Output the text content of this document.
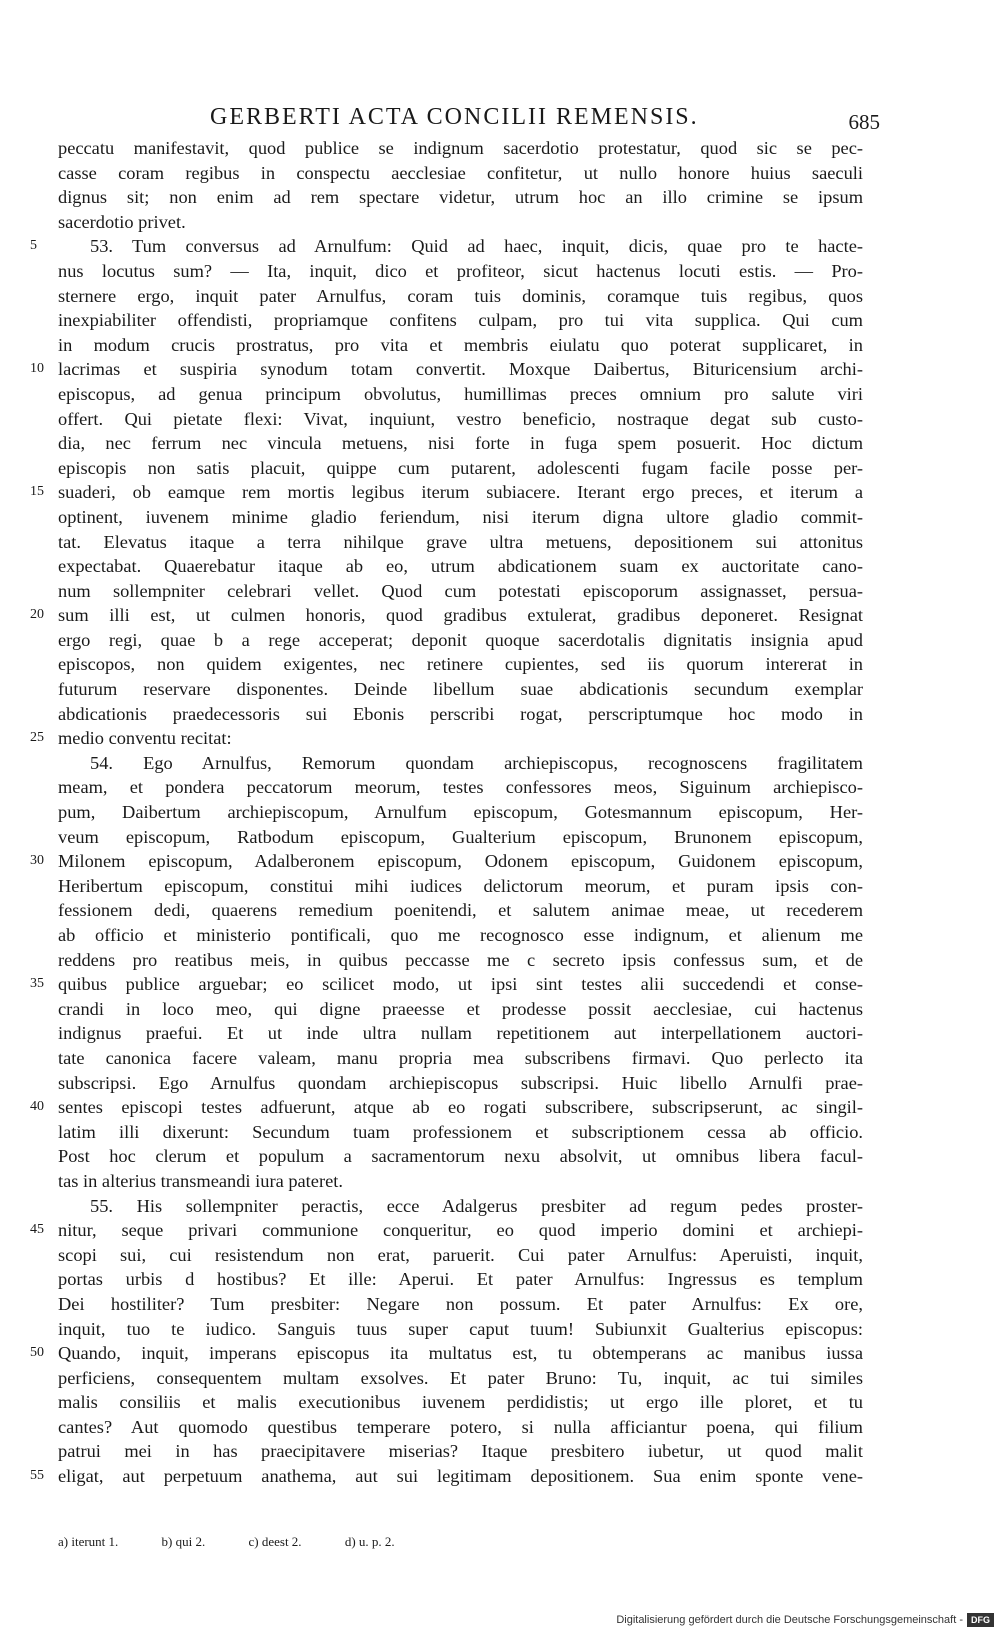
GERBERTI ACTA CONCILII REMENSIS.	685
peccatu manifestavit, quod publice se indignum sacerdotio protestatur, quod sic se pec-
casse coram regibus in conspectu aecclesiae confitetur, ut nullo honore huius saeculi
dignus sit; non enim ad rem spectare videtur, utrum hoc an illo crimine se ipsum
sacerdotio privet.
5	53. Tum conversus ad Arnulfum: Quid ad haec, inquit, dicis, quae pro te hacte-
nus locutus sum? — Ita, inquit, dico et profiteor, sicut hactenus locuti estis. — Pro-
sternere ergo, inquit pater Arnulfus, coram tuis dominis, coramque tuis regibus, quos
inexpiabiliter offendisti, propriamque confitens culpam, pro tui vita supplica. Qui cum
in modum crucis prostratus, pro vita et membris eiulatu quo poterat supplicaret, in
10 lacrimas et suspiria synodum totam convertit. Moxque Daibertus, Bituricensium archi-
episcopus, ad genua principum obvolutus, humillimas preces omnium pro salute viri
offert. Qui pietate flexi: Vivat, inquiunt, vestro beneficio, nostraque degat sub custo-
dia, nec ferrum nec vincula metuens, nisi forte in fuga spem posuerit. Hoc dictum
episcopis non satis placuit, quippe cum putarent, adolescenti fugam facile posse per-
15 suaderi, ob eamque rem mortis legibus iterum subiacere. Iterant ergo preces, et iterum a
optinent, iuvenem minime gladio feriendum, nisi iterum digna ultore gladio commit-
tat. Elevatus itaque a terra nihilque grave ultra metuens, depositionem sui attonitus
expectabat. Quaerebatur itaque ab eo, utrum abdicationem suam ex auctoritate cano-
num sollempniter celebrari vellet. Quod cum potestati episcoporum assignasset, persua-
20 sum illi est, ut culmen honoris, quod gradibus extulerat, gradibus deponeret. Resignat
ergo regi, quae b a rege acceperat; deponit quoque sacerdotalis dignitatis insignia apud
episcopos, non quidem exigentes, nec retinere cupientes, sed iis quorum intererat in
futurum reservare disponentes. Deinde libellum suae abdicationis secundum exemplar
abdicationis praedecessoris sui Ebonis perscribi rogat, perscriptumque hoc modo in
25 medio conventu recitat:
54. Ego Arnulfus, Remorum quondam archiepiscopus, recognoscens fragilitatem
meam, et pondera peccatorum meorum, testes confessores meos, Siguinum archiepisco-
pum, Daibertum archiepiscopum, Arnulfum episcopum, Gotesmannum episcopum, Her-
veum episcopum, Ratbodum episcopum, Gualterium episcopum, Brunonem episcopum,
30 Milonem episcopum, Adalberonem episcopum, Odonem episcopum, Guidonem episcopum,
Heribertum episcopum, constitui mihi iudices delictorum meorum, et puram ipsis con-
fessionem dedi, quaerens remedium poenitendi, et salutem animae meae, ut recederem
ab officio et ministerio pontificali, quo me recognosco esse indignum, et alienum me
reddens pro reatibus meis, in quibus peccasse me c secreto ipsis confessus sum, et de
35 quibus publice arguebar; eo scilicet modo, ut ipsi sint testes alii succedendi et conse-
crandi in loco meo, qui digne praeesse et prodesse possit aecclesiae, cui hactenus
indignus praefui. Et ut inde ultra nullam repetitionem aut interpellationem auctori-
tate canonica facere valeam, manu propria mea subscribens firmavi. Quo perlecto ita
subscripsi. Ego Arnulfus quondam archiepiscopus subscripsi. Huic libello Arnulfi prae-
40 sentes episcopi testes adfuerunt, atque ab eo rogati subscribere, subscripserunt, ac singil-
latim illi dixerunt: Secundum tuam professionem et subscriptionem cessa ab officio.
Post hoc clerum et populum a sacramentorum nexu absolvit, ut omnibus libera facul-
tas in alterius transmeandi iura pateret.
55. His sollempniter peractis, ecce Adalgerus presbiter ad regum pedes proster-
45 nitur, seque privari communione conqueritur, eo quod imperio domini et archiepi-
scopi sui, cui resistendum non erat, paruerit. Cui pater Arnulfus: Aperuisti, inquit,
portas urbis d hostibus? Et ille: Aperui. Et pater Arnulfus: Ingressus es templum
Dei hostiliter? Tum presbiter: Negare non possum. Et pater Arnulfus: Ex ore,
inquit, tuo te iudico. Sanguis tuus super caput tuum! Subiunxit Gualterius episcopus:
50 Quando, inquit, imperans episcopus ita multatus est, tu obtemperans ac manibus iussa
perficiens, consequentem multam exsolves. Et pater Bruno: Tu, inquit, ac tui similes
malis consiliis et malis executionibus iuvenem perdidistis; ut ergo ille ploret, et tu
cantes? Aut quomodo questibus temperare potero, si nulla afficiantur poena, qui filium
patrui mei in has praecipitavere miserias? Itaque presbitero iubetur, ut quod malit
55 eligat, aut perpetuum anathema, aut sui legitimam depositionem. Sua enim sponte vene-
a) iterunt 1.	b) qui 2.	c) deest 2.	d) u. p. 2.
Digitalisierung gefördert durch die Deutsche Forschungsgemeinschaft - DFG
